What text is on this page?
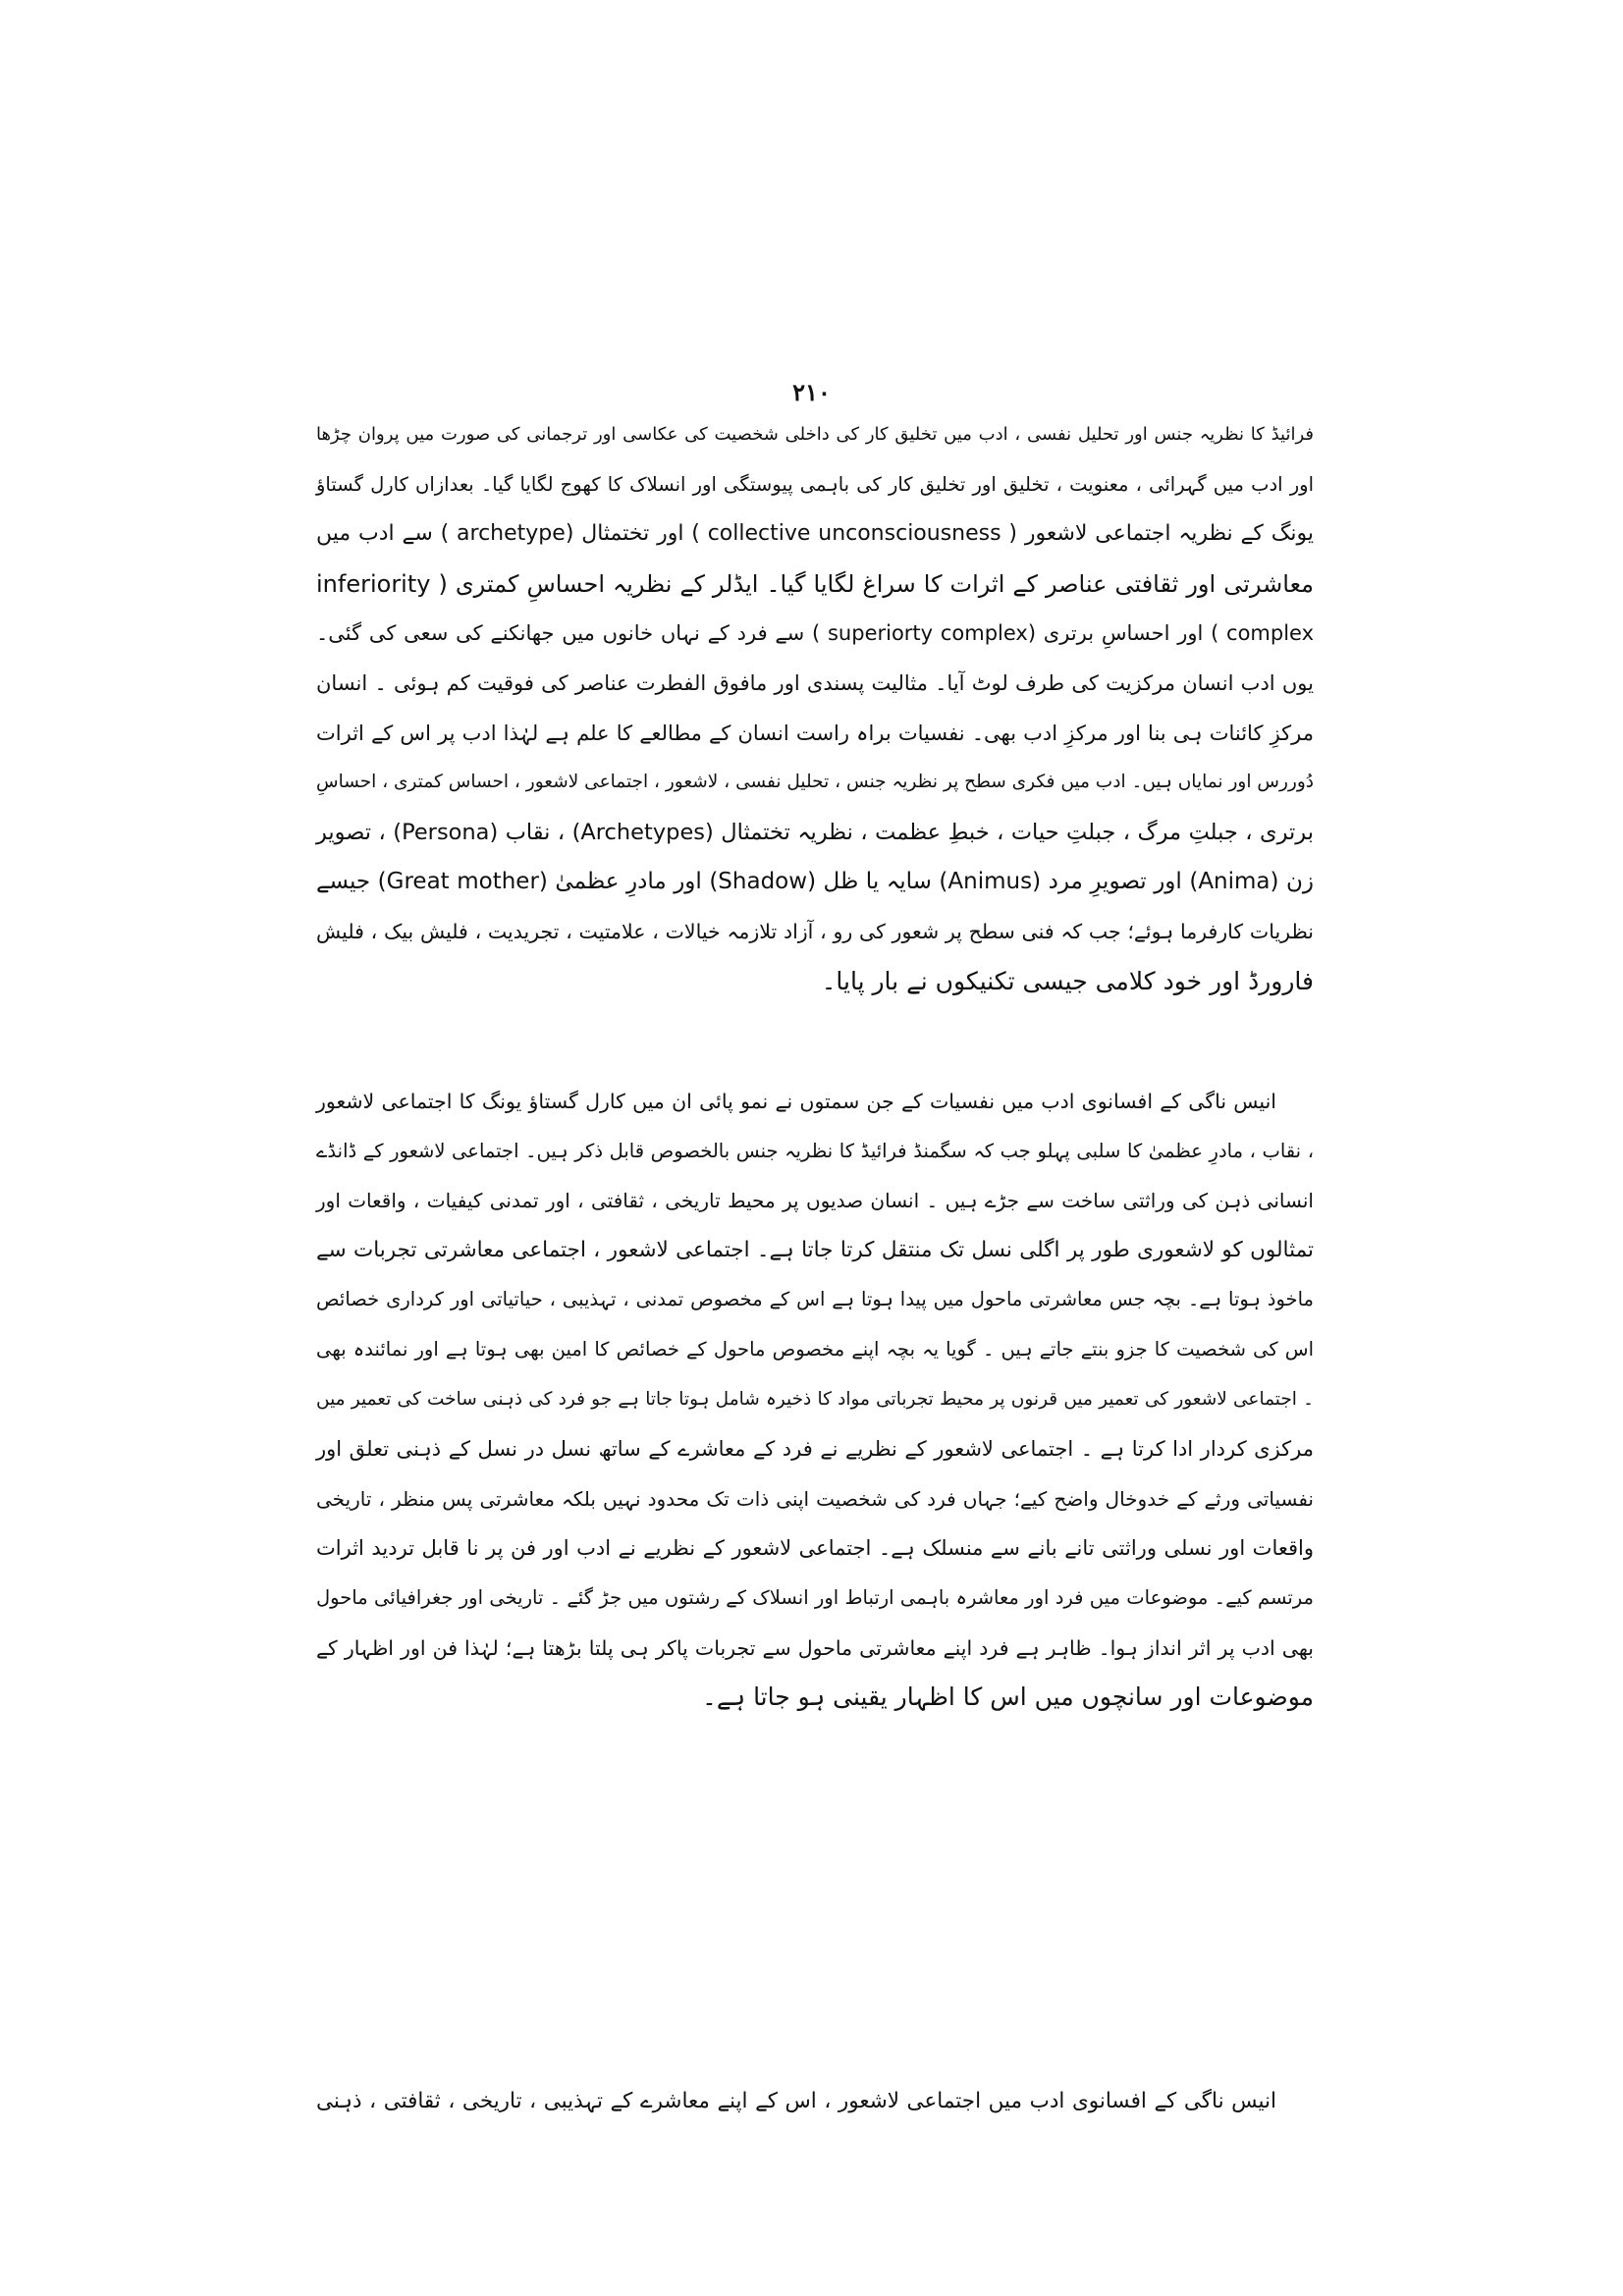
۲۱۰
فرائیڈ کا نظریہ جنس اور تحلیل نفسی ، ادب میں تخلیق کار کی داخلی شخصیت کی عکاسی اور ترجمانی کی صورت میں پروان چڑھا
اور ادب میں گہرائی ، معنویت ، تخلیق اور تخلیق کار کی باہمی پیوستگی اور انسلاک کا کھوج لگایا گیا۔ بعدازاں کارل گستاؤ
یونگ کے نظریہ اجتماعی لاشعور ( collective unconsciousness ) اور تختمثال (archetype ) سے ادب میں
معاشرتی اور ثقافتی عناصر کے اثرات کا سراغ لگایا گیا۔ ایڈلر کے نظریہ احساسِ کمتری ( inferiority
complex ) اور احساسِ برتری (superiorty complex ) سے فرد کے نہاں خانوں میں جھانکنے کی سعی کی گئی۔
یوں ادب انسان مرکزیت کی طرف لوٹ آیا۔ مثالیت پسندی اور مافوق الفطرت عناصر کی فوقیت کم ہوئی ۔ انسان
مرکزِ کائنات ہی بنا اور مرکزِ ادب بھی۔ نفسیات براہ راست انسان کے مطالعے کا علم ہے لہٰذا ادب پر اس کے اثرات
دُوررس اور نمایاں ہیں۔ ادب میں فکری سطح پر نظریہ جنس ، تحلیل نفسی ، لاشعور ، اجتماعی لاشعور ، احساس کمتری ، احساسِ
برتری ، جبلتِ مرگ ، جبلتِ حیات ، خبطِ عظمت ، نظریہ تختمثال (Archetypes) ، نقاب (Persona) ، تصویر
زن (Anima) اور تصویرِ مرد (Animus) سایہ یا ظل (Shadow) اور مادرِ عظمیٰ (Great mother) جیسے
نظریات کارفرما ہوئے؛ جب کہ فنی سطح پر شعور کی رو ، آزاد تلازمہ خیالات ، علامتیت ، تجریدیت ، فلیش بیک ، فلیش
فارورڈ اور خود کلامی جیسی تکنیکوں نے بار پایا۔
انیس ناگی کے افسانوی ادب میں نفسیات کے جن سمتوں نے نمو پائی ان میں کارل گستاؤ یونگ کا اجتماعی لاشعور
، نقاب ، مادرِ عظمیٰ کا سلبی پہلو جب کہ سگمنڈ فرائیڈ کا نظریہ جنس بالخصوص قابل ذکر ہیں۔ اجتماعی لاشعور کے ڈانڈے
انسانی ذہن کی وراثتی ساخت سے جڑے ہیں ۔ انسان صدیوں پر محیط تاریخی ، ثقافتی ، اور تمدنی کیفیات ، واقعات اور
تمثالوں کو لاشعوری طور پر اگلی نسل تک منتقل کرتا جاتا ہے۔ اجتماعی لاشعور ، اجتماعی معاشرتی تجربات سے
ماخوذ ہوتا ہے۔ بچہ جس معاشرتی ماحول میں پیدا ہوتا ہے اس کے مخصوص تمدنی ، تہذیبی ، حیاتیاتی اور کرداری خصائص
اس کی شخصیت کا جزو بنتے جاتے ہیں ۔ گویا یہ بچہ اپنے مخصوص ماحول کے خصائص کا امین بھی ہوتا ہے اور نمائندہ بھی
۔ اجتماعی لاشعور کی تعمیر میں قرنوں پر محیط تجرباتی مواد کا ذخیرہ شامل ہوتا جاتا ہے جو فرد کی ذہنی ساخت کی تعمیر میں
مرکزی کردار ادا کرتا ہے ۔ اجتماعی لاشعور کے نظریے نے فرد کے معاشرے کے ساتھ نسل در نسل کے ذہنی تعلق اور
نفسیاتی ورثے کے خدوخال واضح کیے؛ جہاں فرد کی شخصیت اپنی ذات تک محدود نہیں بلکہ معاشرتی پس منظر ، تاریخی
واقعات اور نسلی وراثتی تانے بانے سے منسلک ہے۔ اجتماعی لاشعور کے نظریے نے ادب اور فن پر نا قابل تردید اثرات
مرتسم کیے۔ موضوعات میں فرد اور معاشرہ باہمی ارتباط اور انسلاک کے رشتوں میں جڑ گئے ۔ تاریخی اور جغرافیائی ماحول
بھی ادب پر اثر انداز ہوا۔ ظاہر ہے فرد اپنے معاشرتی ماحول سے تجربات پاکر ہی پلتا بڑھتا ہے؛ لہٰذا فن اور اظہار کے
موضوعات اور سانچوں میں اس کا اظہار یقینی ہو جاتا ہے۔
انیس ناگی کے افسانوی ادب میں اجتماعی لاشعور ، اس کے اپنے معاشرے کے تہذیبی ، تاریخی ، ثقافتی ، ذہنی
